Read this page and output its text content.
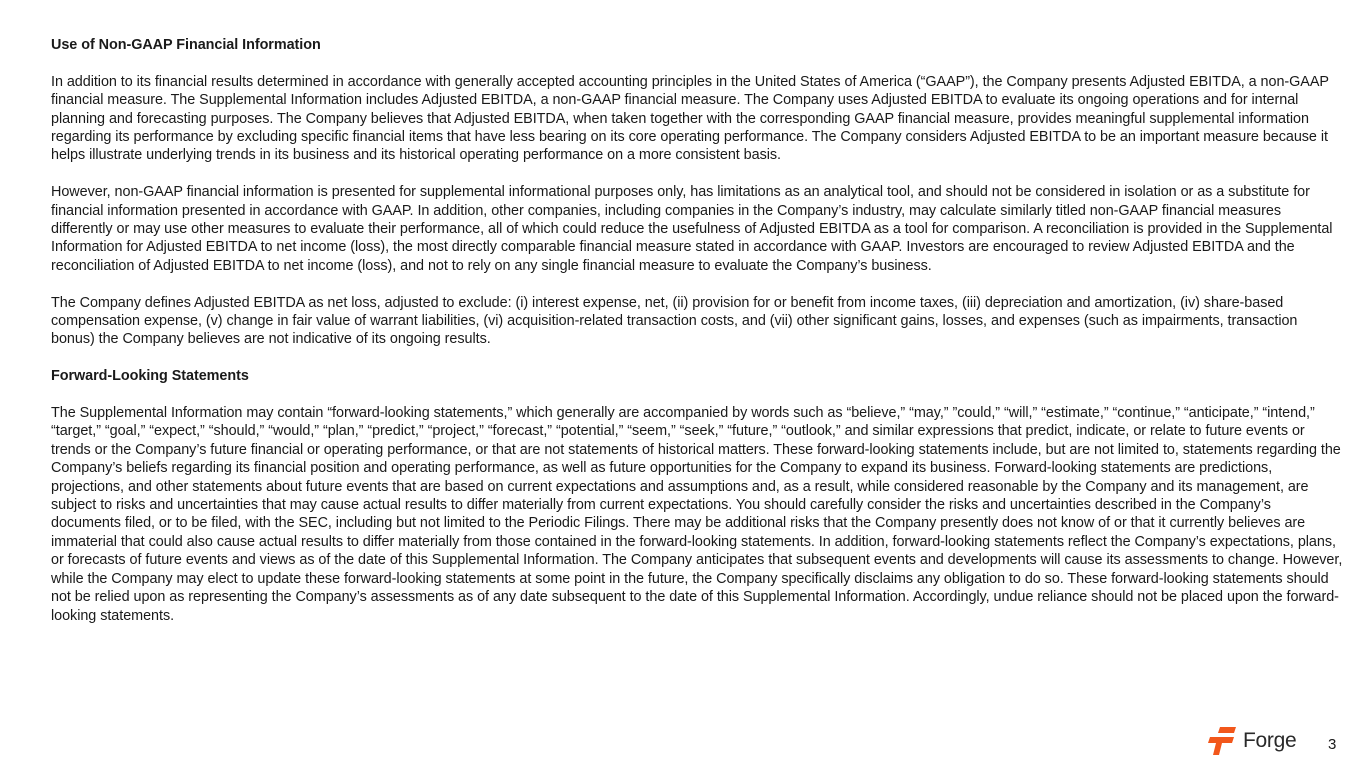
Use of Non-GAAP Financial Information

In addition to its financial results determined in accordance with generally accepted accounting principles in the United States of America (“GAAP”), the Company presents Adjusted EBITDA, a non-GAAP financial measure. The Supplemental Information includes Adjusted EBITDA, a non-GAAP financial measure. The Company uses Adjusted EBITDA to evaluate its ongoing operations and for internal planning and forecasting purposes. The Company believes that Adjusted EBITDA, when taken together with the corresponding GAAP financial measure, provides meaningful supplemental information regarding its performance by excluding specific financial items that have less bearing on its core operating performance. The Company considers Adjusted EBITDA to be an important measure because it helps illustrate underlying trends in its business and its historical operating performance on a more consistent basis.

However, non-GAAP financial information is presented for supplemental informational purposes only, has limitations as an analytical tool, and should not be considered in isolation or as a substitute for financial information presented in accordance with GAAP. In addition, other companies, including companies in the Company’s industry, may calculate similarly titled non-GAAP financial measures differently or may use other measures to evaluate their performance, all of which could reduce the usefulness of Adjusted EBITDA as a tool for comparison. A reconciliation is provided in the Supplemental Information for Adjusted EBITDA to net income (loss), the most directly comparable financial measure stated in accordance with GAAP. Investors are encouraged to review Adjusted EBITDA and the reconciliation of Adjusted EBITDA to net income (loss), and not to rely on any single financial measure to evaluate the Company’s business.

The Company defines Adjusted EBITDA as net loss, adjusted to exclude: (i) interest expense, net, (ii) provision for or benefit from income taxes, (iii) depreciation and amortization, (iv) share-based compensation expense, (v) change in fair value of warrant liabilities, (vi) acquisition-related transaction costs, and (vii) other significant gains, losses, and expenses (such as impairments, transaction bonus) the Company believes are not indicative of its ongoing results.

Forward-Looking Statements

The Supplemental Information may contain “forward-looking statements,” which generally are accompanied by words such as “believe,” “may,” ”could,” “will,” “estimate,” “continue,” “anticipate,” “intend,” “target,” “goal,” “expect,” “should,” “would,” “plan,” “predict,” “project,” “forecast,” “potential,” “seem,” “seek,” “future,” “outlook,” and similar expressions that predict, indicate, or relate to future events or trends or the Company’s future financial or operating performance, or that are not statements of historical matters. These forward-looking statements include, but are not limited to, statements regarding the Company’s beliefs regarding its financial position and operating performance, as well as future opportunities for the Company to expand its business. Forward-looking statements are predictions, projections, and other statements about future events that are based on current expectations and assumptions and, as a result, while considered reasonable by the Company and its management, are subject to risks and uncertainties that may cause actual results to differ materially from current expectations. You should carefully consider the risks and uncertainties described in the Company’s documents filed, or to be filed, with the SEC, including but not limited to the Periodic Filings. There may be additional risks that the Company presently does not know of or that it currently believes are immaterial that could also cause actual results to differ materially from those contained in the forward-looking statements. In addition, forward-looking statements reflect the Company’s expectations, plans, or forecasts of future events and views as of the date of this Supplemental Information. The Company anticipates that subsequent events and developments will cause its assessments to change. However, while the Company may elect to update these forward-looking statements at some point in the future, the Company specifically disclaims any obligation to do so. These forward-looking statements should not be relied upon as representing the Company’s assessments as of any date subsequent to the date of this Supplemental Information. Accordingly, undue reliance should not be placed upon the forward-looking statements.

Forge 3
